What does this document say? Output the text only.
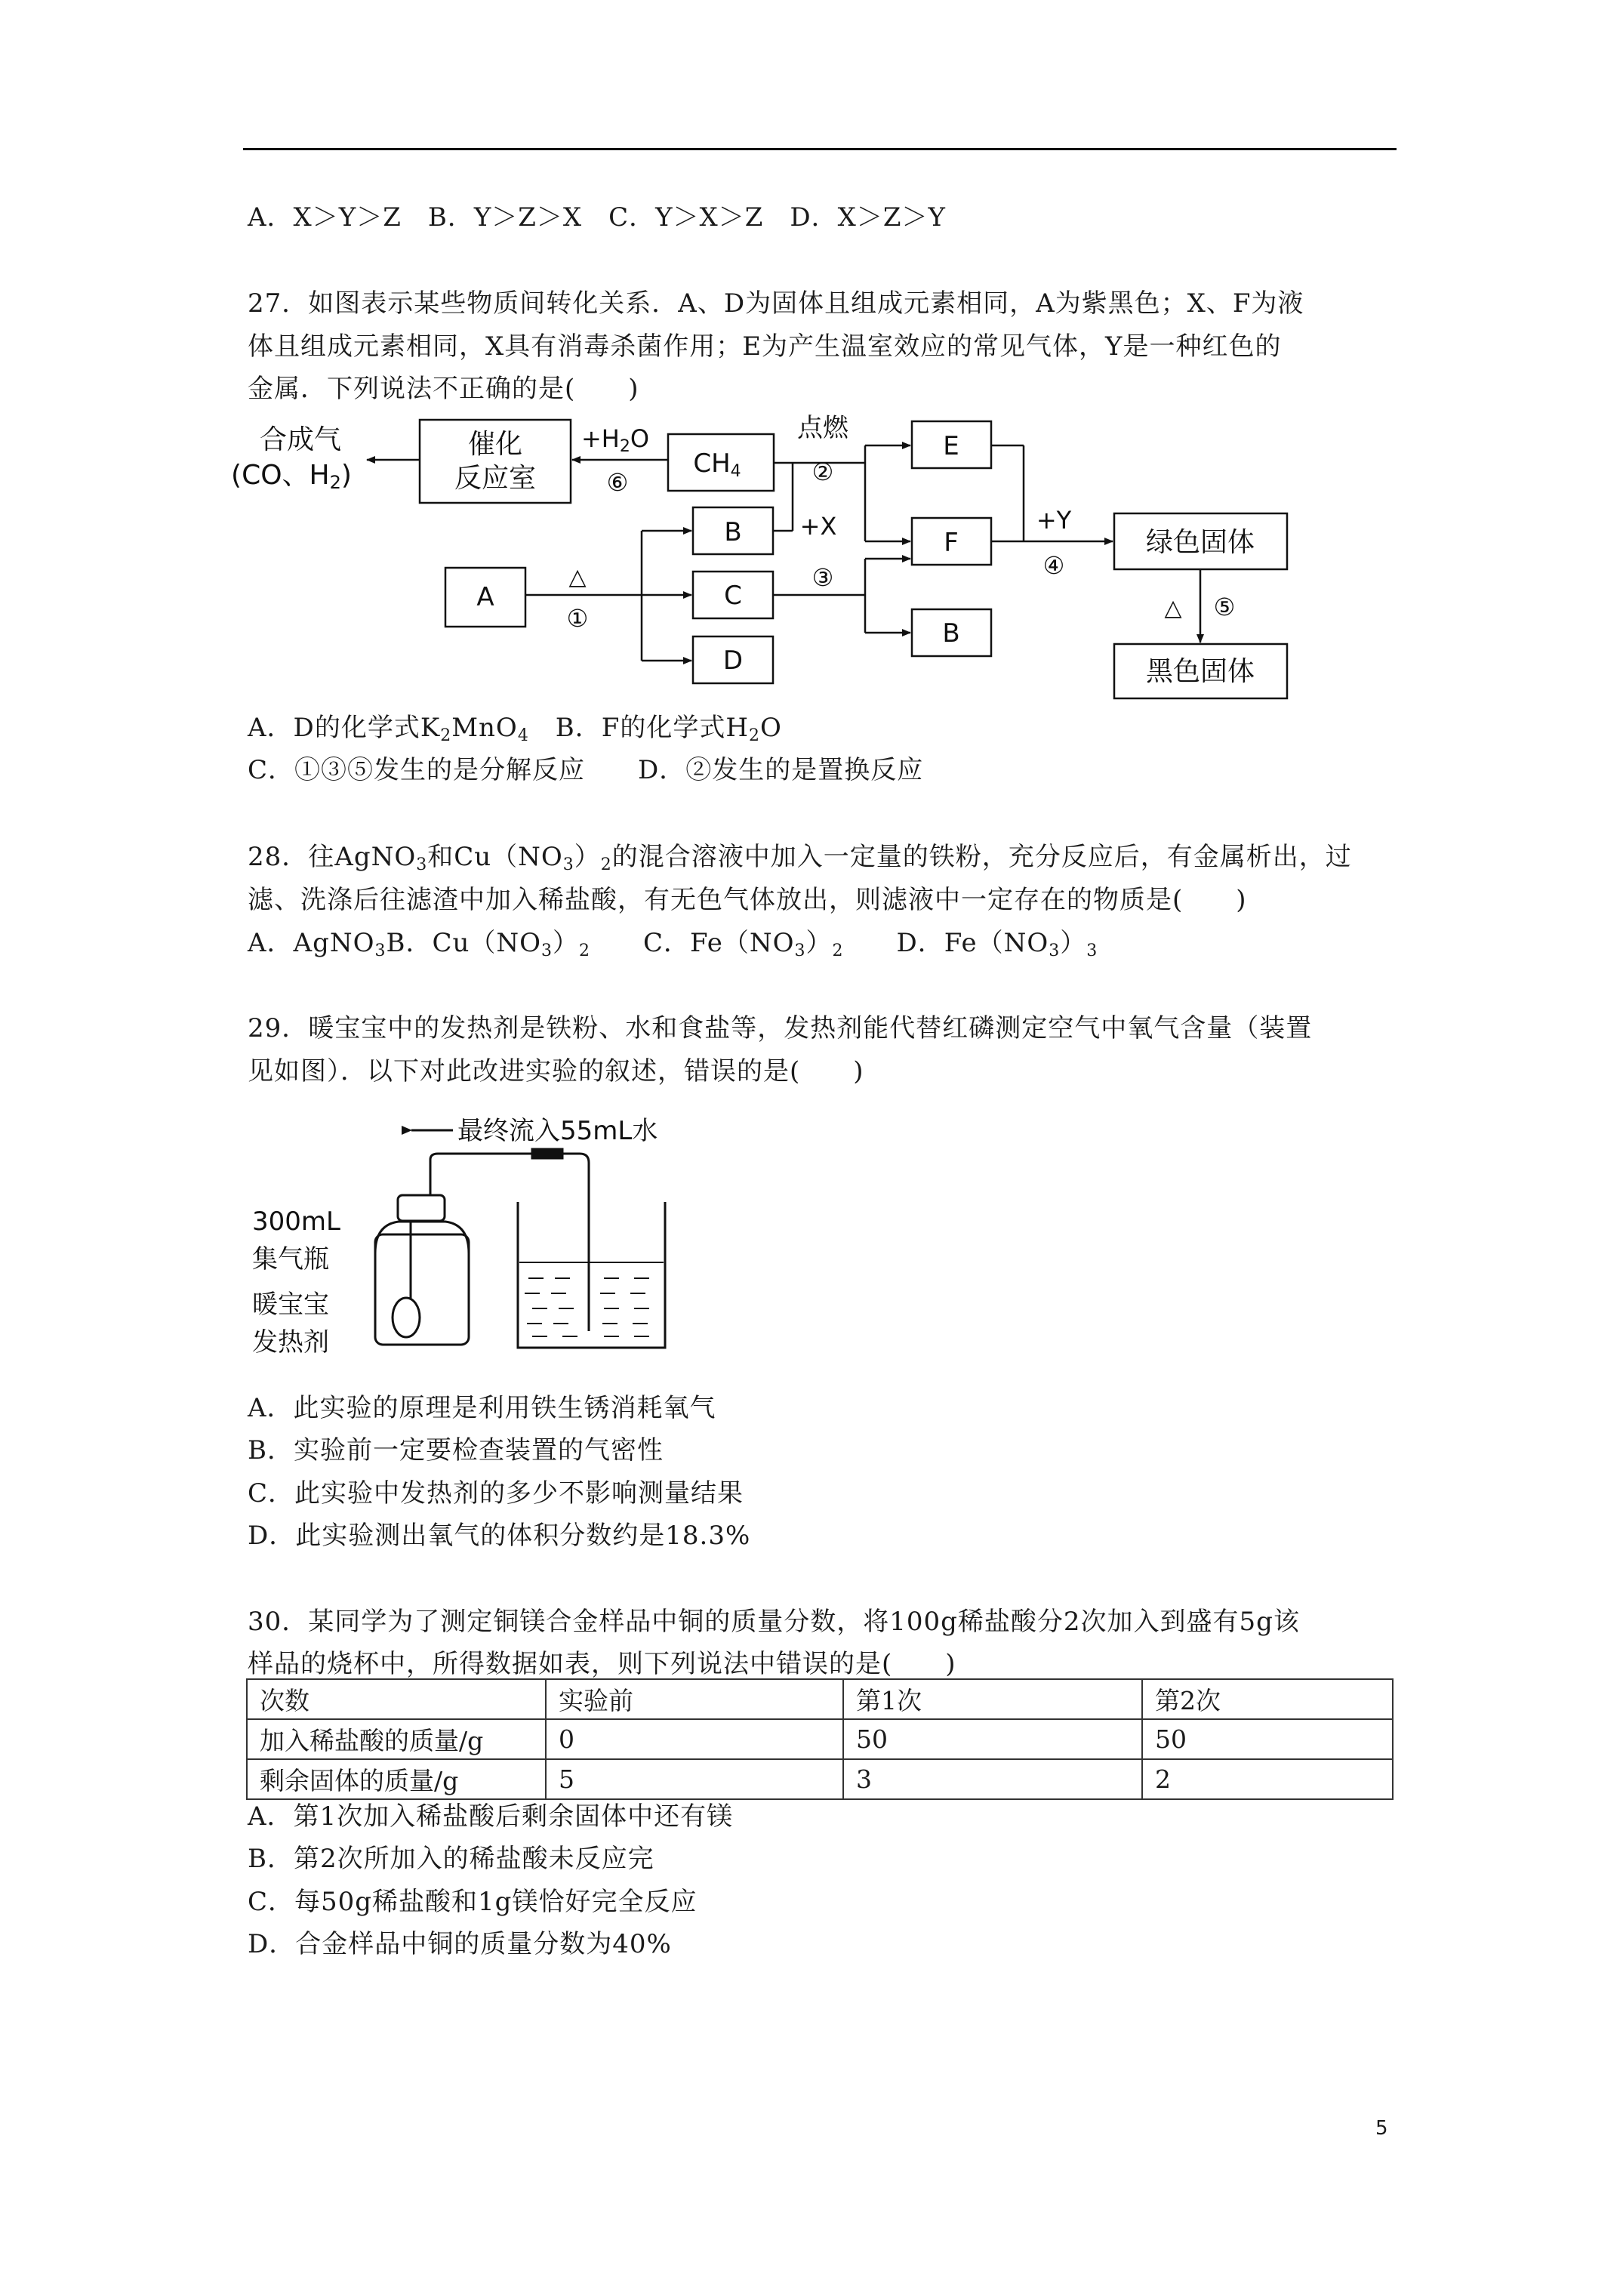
A．X＞Y＞Z　B．Y＞Z＞X　C．Y＞X＞Z　D．X＞Z＞Y
27．如图表示某些物质间转化关系．A、D为固体且组成元素相同，A为紫黑色；X、F为液
体且组成元素相同，X具有消毒杀菌作用；E为产生温室效应的常见气体，Y是一种红色的
金属．下列说法不正确的是(　　)
合成气
(CO、H2)
催化
反应室
+H2O
⑥
CH4
点燃
②
E
B +X
F
+Y
④
绿色固体
A
△
①
C
③
B
△ ⑤
D	黑色固体
A．D的化学式$K_2MnO_4$　B．F的化学式$H_2O$
C．①③⑤发生的是分解反应　　D．②发生的是置换反应
28．往AgNO$_3$和$Cu(NO_3)_2$的混合溶液中加入一定量的铁粉，充分反应后，有金属析出，过
滤、洗涤后往滤渣中加入稀盐酸，有无色气体放出，则滤液中一定存在的物质是(　　)
A．AgNO$_3$B．$Cu(NO_3)_2$　　C．$Fe(NO_3)_2$　　D．$Fe(NO_3)_3$
29．暖宝宝中的发热剂是铁粉、水和食盐等，发热剂能代替红磷测定空气中氧气含量（装置
见如图）．以下对此改进实验的叙述，错误的是(　　)
最终流入55mL水
300mL
集气瓶
暖宝宝
发热剂
A．此实验的原理是利用铁生锈消耗氧气
B．实验前一定要检查装置的气密性
C．此实验中发热剂的多少不影响测量结果
D．此实验测出氧气的体积分数约是18.3%
30．某同学为了测定铜镁合金样品中铜的质量分数，将100g稀盐酸分2次加入到盛有5g该
样品的烧杯中，所得数据如表，则下列说法中错误的是(　　)
次数	实验前	第1次	第2次
加入稀盐酸的质量/g	0	50	50
剩余固体的质量/g	5	3	2
A．第1次加入稀盐酸后剩余固体中还有镁
B．第2次所加入的稀盐酸未反应完
C．每50g稀盐酸和1g镁恰好完全反应
D．合金样品中铜的质量分数为40%
5
